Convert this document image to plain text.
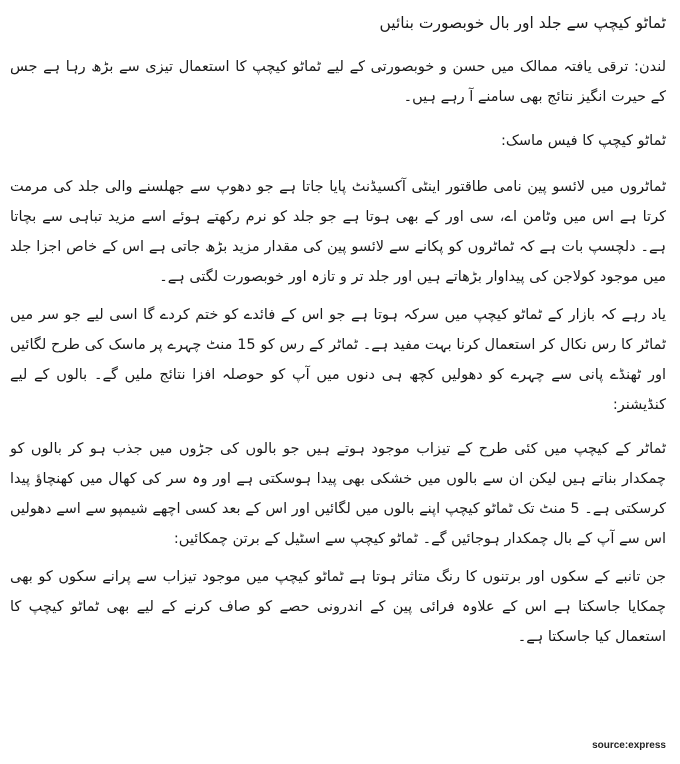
ٹماٹو کیچپ سے جلد اور بال خوبصورت بنائیں

لندن: ترقی یافتہ ممالک میں حسن و خوبصورتی کے لیے ٹماٹو کیچپ کا استعمال تیزی سے بڑھ رہا ہے جس کے حیرت انگیز نتائج بھی سامنے آ رہے ہیں۔

ٹماٹو کیچپ کا فیس ماسک:

ٹماٹروں میں لائسو پین نامی طاقتور اینٹی آکسیڈنٹ پایا جاتا ہے جو دھوپ سے جھلسنے والی جلد کی مرمت کرتا ہے اس میں وٹامن اے، سی اور کے بھی ہوتا ہے جو جلد کو نرم رکھتے ہوئے اسے مزید تباہی سے بچاتا ہے۔ دلچسپ بات ہے کہ ٹماٹروں کو پکانے سے لائسو پین کی مقدار مزید بڑھ جاتی ہے اس کے خاص اجزا جلد میں موجود کولاجن کی پیداوار بڑھاتے ہیں اور جلد تر و تازہ اور خوبصورت لگتی ہے۔

یاد رہے کہ بازار کے ٹماٹو کیچپ میں سرکہ ہوتا ہے جو اس کے فائدے کو ختم کردے گا اسی لیے جو سر میں ٹماٹر کا رس نکال کر استعمال کرنا بہت مفید ہے۔ ٹماٹر کے رس کو 15 منٹ چہرے پر ماسک کی طرح لگائیں اور ٹھنڈے پانی سے چہرے کو دھولیں کچھ ہی دنوں میں آپ کو حوصلہ افزا نتائج ملیں گے۔ بالوں کے لیے کنڈیشنر:

ٹماٹر کے کیچپ میں کئی طرح کے تیزاب موجود ہوتے ہیں جو بالوں کی جڑوں میں جذب ہو کر بالوں کو چمکدار بناتے ہیں لیکن ان سے بالوں میں خشکی بھی پیدا ہوسکتی ہے اور وہ سر کی کھال میں کھنچاؤ پیدا کرسکتی ہے۔ 5 منٹ تک ٹماٹو کیچپ اپنے بالوں میں لگائیں اور اس کے بعد کسی اچھے شیمپو سے اسے دھولیں اس سے آپ کے بال چمکدار ہوجائیں گے۔ ٹماٹو کیچپ سے اسٹیل کے برتن چمکائیں:

جن تانبے کے سکوں اور برتنوں کا رنگ متاثر ہوتا ہے ٹماٹو کیچپ میں موجود تیزاب سے پرانے سکوں کو بھی چمکایا جاسکتا ہے اس کے علاوہ فرائی پین کے اندرونی حصے کو صاف کرنے کے لیے بھی ٹماٹو کیچپ کا استعمال کیا جاسکتا ہے۔

source:express
